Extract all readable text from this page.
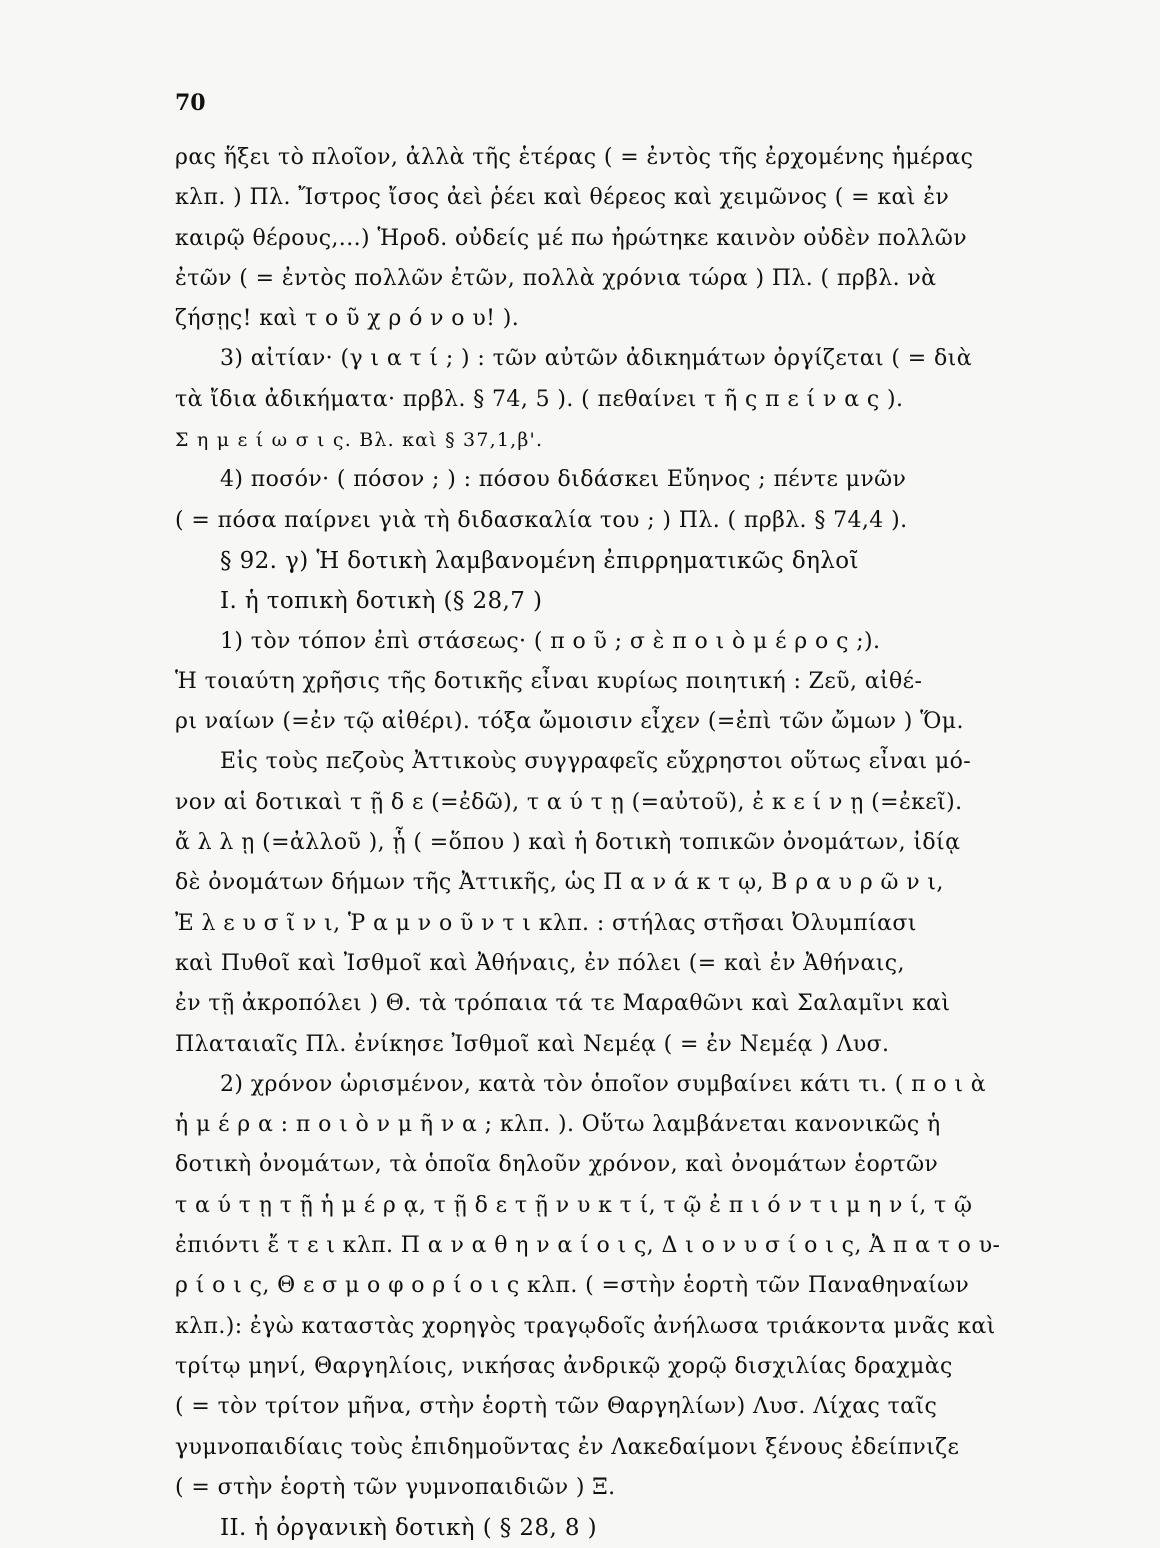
70
ρας ἥξει τὸ πλοῖον, ἀλλὰ τῆς ἑτέρας ( = ἐντὸς τῆς ἐρχομένης ἡμέρας
κλπ. ) Πλ. Ἴστρος ἴσος ἀεὶ ῥέει καὶ θέρεος καὶ χειμῶνος ( = καὶ ἐν
καιρῷ θέρους,...) Ἡροδ. οὐδείς μέ πω ἠρώτηκε καινὸν οὐδὲν πολλῶν
ἐτῶν ( = ἐντὸς πολλῶν ἐτῶν, πολλὰ χρόνια τώρα ) Πλ. ( πρβλ. νὰ
ζήσῃς! καὶ τ ο ῦ χ ρ ό ν ο υ! ).
3) αἰτίαν· (γ ι α τ ί ; ) : τῶν αὐτῶν ἀδικημάτων ὀργίζεται ( = διὰ
τὰ ἴδια ἀδικήματα· πρβλ. § 74, 5 ). ( πεθαίνει τ ῆ ς π ε ί ν α ς ).
Σ η μ ε ί ω σ ι ς. Βλ. καὶ § 37,1,β'.
4) ποσόν· ( πόσον ; ) : πόσου διδάσκει Εὔηνος ; πέντε μνῶν
( = πόσα παίρνει γιὰ τὴ διδασκαλία του ; ) Πλ. ( πρβλ. § 74,4 ).
§ 92. γ) Ἡ δοτικὴ λαμβανομένη ἐπιρρηματικῶς δηλοῖ
Ι. ἡ τοπικὴ δοτικὴ (§ 28,7 )
1) τὸν τόπον ἐπὶ στάσεως· ( π ο ῦ ; σ ὲ π ο ι ὸ μ έ ρ ο ς ;).
Ἡ τοιαύτη χρῆσις τῆς δοτικῆς εἶναι κυρίως ποιητική : Ζεῦ, αἰθέ-
ρι ναίων (=ἐν τῷ αἰθέρι). τόξα ὤμοισιν εἶχεν (=ἐπὶ τῶν ὤμων ) Ὅμ.
Εἰς τοὺς πεζοὺς Ἀττικοὺς συγγραφεῖς εὔχρηστοι οὕτως εἶναι μό-
νον αἱ δοτικαὶ τ ῇ δ ε (=ἐδῶ), τ α ύ τ ῃ (=αὐτοῦ), ἐ κ ε ί ν ῃ (=ἐκεῖ).
ἄ λ λ ῃ (=ἀλλοῦ ), ᾗ ( =ὅπου ) καὶ ἡ δοτικὴ τοπικῶν ὀνομάτων, ἰδίᾳ
δὲ ὀνομάτων δήμων τῆς Ἀττικῆς, ὡς Π α ν ά κ τ ῳ, Β ρ α υ ρ ῶ ν ι,
Ἐ λ ε υ σ ῖ ν ι, Ῥ α μ ν ο ῦ ν τ ι κλπ. : στήλας στῆσαι Ὀλυμπίασι
καὶ Πυθοῖ καὶ Ἰσθμοῖ καὶ Ἀθήναις, ἐν πόλει (= καὶ ἐν Ἀθήναις,
ἐν τῇ ἀκροπόλει ) Θ. τὰ τρόπαια τά τε Μαραθῶνι καὶ Σαλαμῖνι καὶ
Πλαταιαῖς Πλ. ἐνίκησε Ἰσθμοῖ καὶ Νεμέᾳ ( = ἐν Νεμέᾳ ) Λυσ.
2) χρόνον ὡρισμένον, κατὰ τὸν ὁποῖον συμβαίνει κάτι τι. ( π ο ι ὰ
ἡ μ έ ρ α : π ο ι ὸ ν μ ῆ ν α ; κλπ. ). Οὕτω λαμβάνεται κανονικῶς ἡ
δοτικὴ ὀνομάτων, τὰ ὁποῖα δηλοῦν χρόνον, καὶ ὀνομάτων ἑορτῶν
τ α ύ τ ῃ τ ῇ ἡ μ έ ρ ᾳ, τ ῇ δ ε τ ῇ ν υ κ τ ί, τ ῷ ἐ π ι ό ν τ ι μ η ν ί, τ ῷ
ἐπιόντι ἔ τ ε ι κλπ. Π α ν α θ η ν α ί ο ι ς, Δ ι ο ν υ σ ί ο ι ς, Ἀ π α τ ο υ-
ρ ί ο ι ς, Θ ε σ μ ο φ ο ρ ί ο ι ς κλπ. ( =στὴν ἑορτὴ τῶν Παναθηναίων
κλπ.): ἐγὼ καταστὰς χορηγὸς τραγῳδοῖς ἀνήλωσα τριάκοντα μνᾶς καὶ
τρίτῳ μηνί, Θαργηλίοις, νικήσας ἀνδρικῷ χορῷ δισχιλίας δραχμὰς
( = τὸν τρίτον μῆνα, στὴν ἑορτὴ τῶν Θαργηλίων) Λυσ. Λίχας ταῖς
γυμνοπαιδίαις τοὺς ἐπιδημοῦντας ἐν Λακεδαίμονι ξένους ἐδείπνιζε
( = στὴν ἑορτὴ τῶν γυμνοπαιδιῶν ) Ξ.
ΙΙ. ἡ ὀργανικὴ δοτικὴ ( § 28, 8 )
